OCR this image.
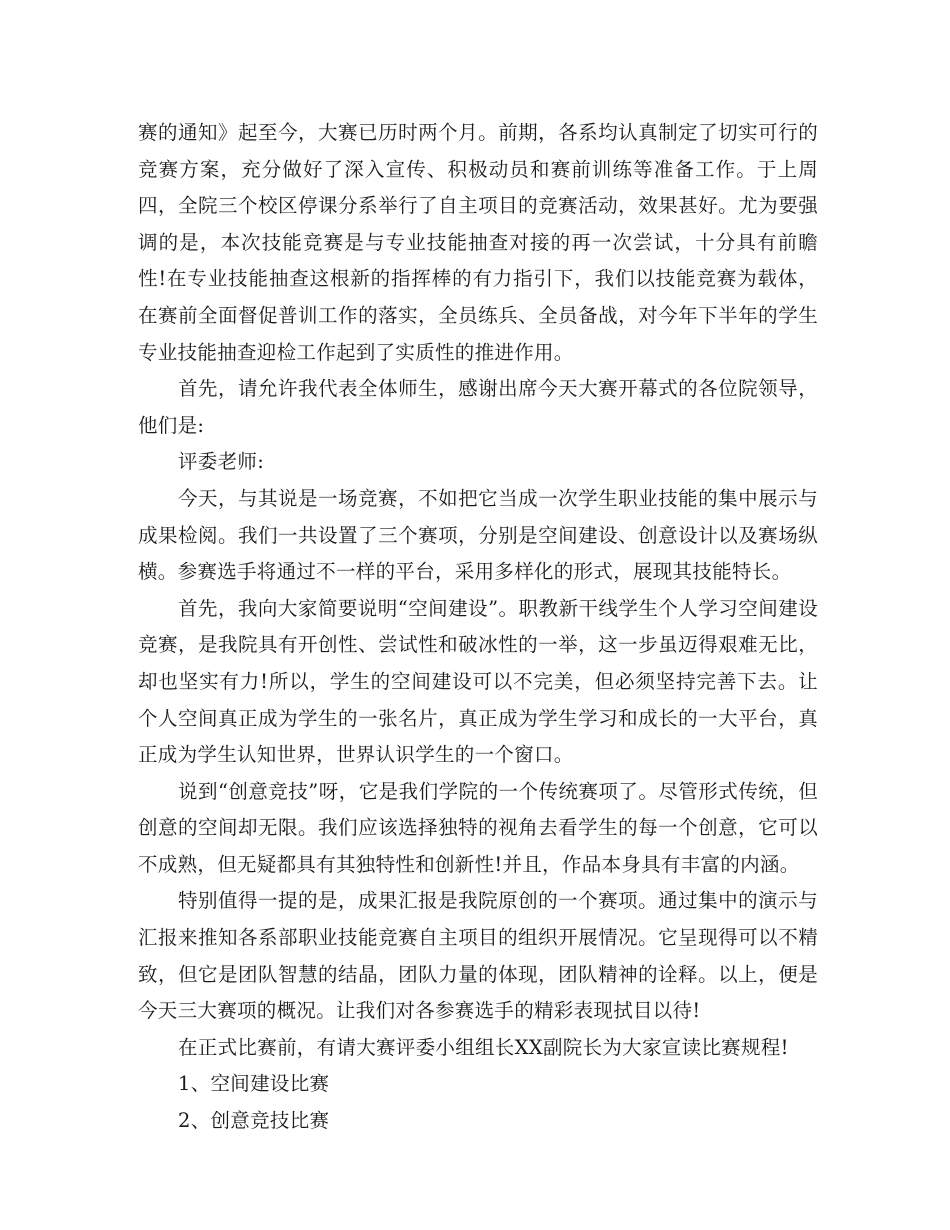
赛的通知》起至今，大赛已历时两个月。前期，各系均认真制定了切实可行的竞赛方案，充分做好了深入宣传、积极动员和赛前训练等准备工作。于上周四，全院三个校区停课分系举行了自主项目的竞赛活动，效果甚好。尤为要强调的是，本次技能竞赛是与专业技能抽查对接的再一次尝试，十分具有前瞻性!在专业技能抽查这根新的指挥棒的有力指引下，我们以技能竞赛为载体，在赛前全面督促普训工作的落实，全员练兵、全员备战，对今年下半年的学生专业技能抽查迎检工作起到了实质性的推进作用。

首先，请允许我代表全体师生，感谢出席今天大赛开幕式的各位院领导，他们是:

评委老师:

今天，与其说是一场竞赛，不如把它当成一次学生职业技能的集中展示与成果检阅。我们一共设置了三个赛项，分别是空间建设、创意设计以及赛场纵横。参赛选手将通过不一样的平台，采用多样化的形式，展现其技能特长。

首先，我向大家简要说明“空间建设”。职教新干线学生个人学习空间建设竞赛，是我院具有开创性、尝试性和破冰性的一举，这一步虽迈得艰难无比，却也坚实有力!所以，学生的空间建设可以不完美，但必须坚持完善下去。让个人空间真正成为学生的一张名片，真正成为学生学习和成长的一大平台，真正成为学生认知世界，世界认识学生的一个窗口。

说到“创意竞技”呀，它是我们学院的一个传统赛项了。尽管形式传统，但创意的空间却无限。我们应该选择独特的视角去看学生的每一个创意，它可以不成熟，但无疑都具有其独特性和创新性!并且，作品本身具有丰富的内涵。

特别值得一提的是，成果汇报是我院原创的一个赛项。通过集中的演示与汇报来推知各系部职业技能竞赛自主项目的组织开展情况。它呈现得可以不精致，但它是团队智慧的结晶，团队力量的体现，团队精神的诠释。以上，便是今天三大赛项的概况。让我们对各参赛选手的精彩表现拭目以待!

在正式比赛前，有请大赛评委小组组长XX副院长为大家宣读比赛规程!

1、空间建设比赛

2、创意竞技比赛
